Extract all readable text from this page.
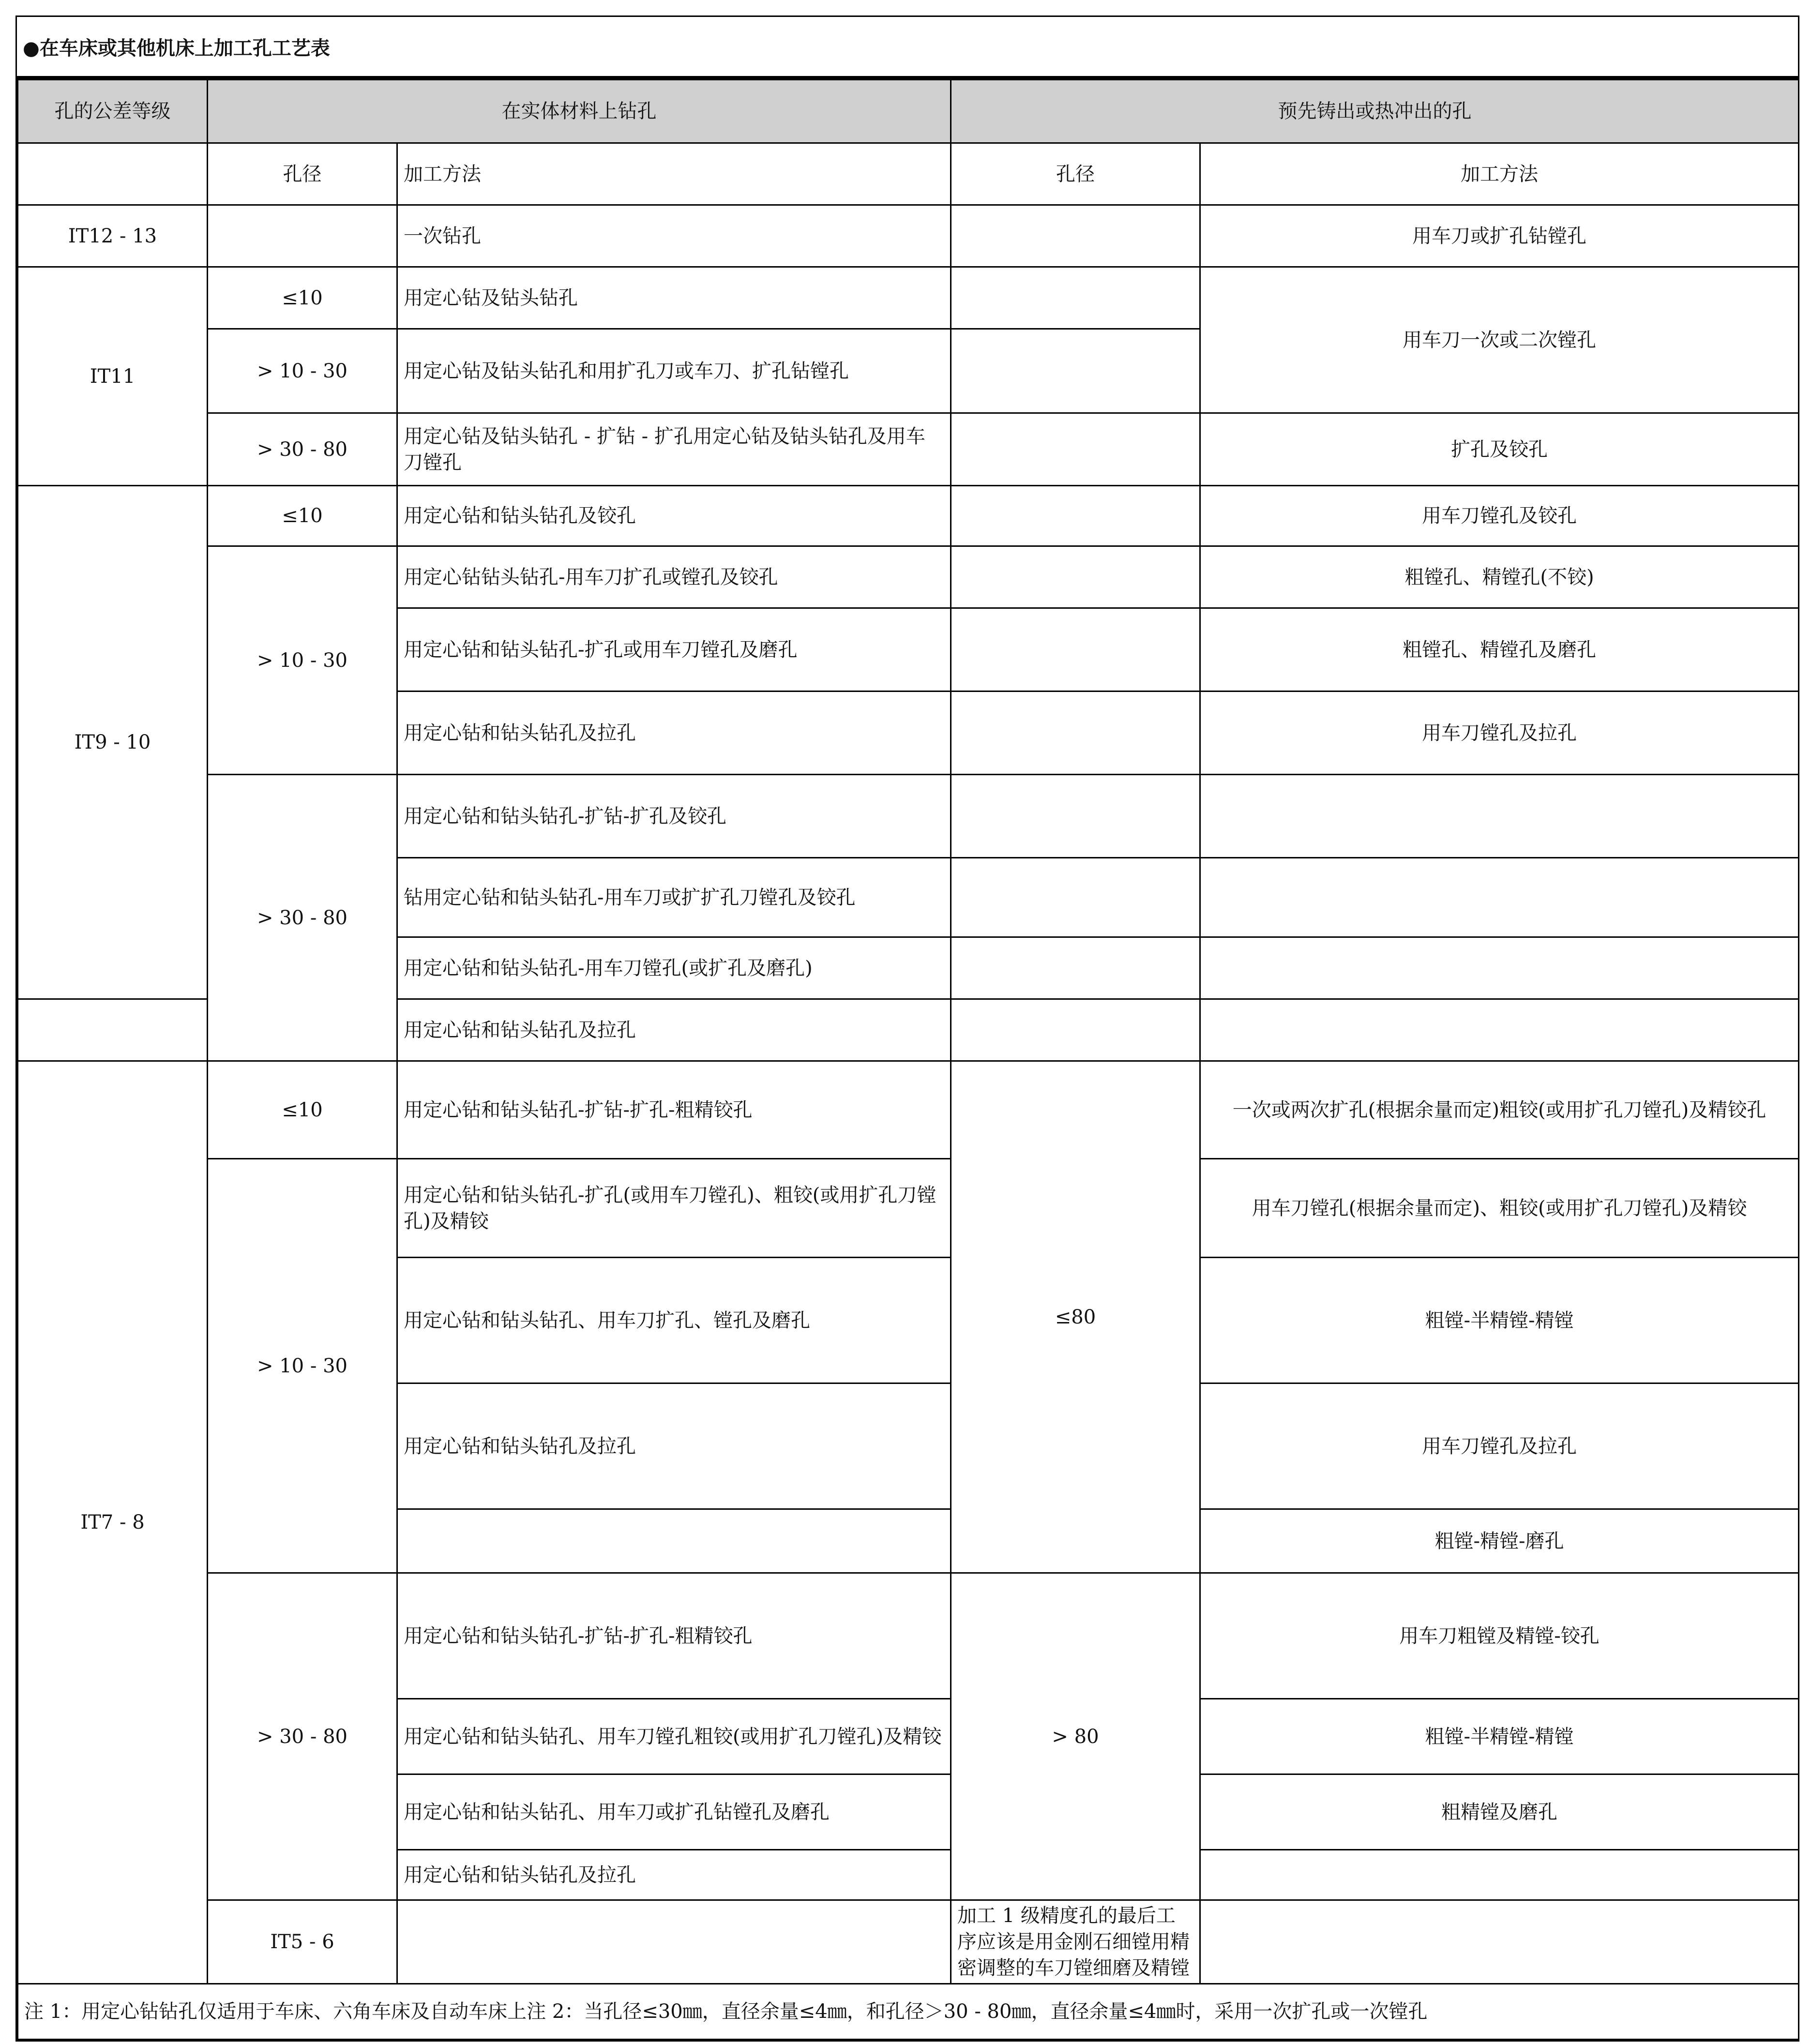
●在车床或其他机床上加工孔工艺表
孔的公差等级	在实体材料上钻孔		预先铸出或热冲出的孔		
	孔径	加工方法	孔径	加工方法	
IT12 - 13		一次钻孔		用车刀或扩孔钻镗孔	
IT11	≤10	用定心钻及钻头钻孔		用车刀一次或二次镗孔	
	> 10 - 30	用定心钻及钻头钻孔和用扩孔刀或车刀、扩孔钻镗孔			
	> 30 - 80	用定心钻及钻头钻孔 - 扩钻 - 扩孔用定心钻及钻头钻孔及用车刀镗孔		扩孔及铰孔	
IT9 - 10	≤10	用定心钻和钻头钻孔及铰孔		用车刀镗孔及铰孔	
	> 10 - 30	用定心钻钻头钻孔-用车刀扩孔或镗孔及铰孔		粗镗孔、精镗孔(不铰)	
		用定心钻和钻头钻孔-扩孔或用车刀镗孔及磨孔		粗镗孔、精镗孔及磨孔	
		用定心钻和钻头钻孔及拉孔		用车刀镗孔及拉孔	
	> 30 - 80	用定心钻和钻头钻孔-扩钻-扩孔及铰孔			
		钻用定心钻和钻头钻孔-用车刀或扩扩孔刀镗孔及铰孔			
		用定心钻和钻头钻孔-用车刀镗孔(或扩孔及磨孔)			
		用定心钻和钻头钻孔及拉孔			
IT7 - 8	≤10	用定心钻和钻头钻孔-扩钻-扩孔-粗精铰孔	≤80	一次或两次扩孔(根据余量而定)粗铰(或用扩孔刀镗孔)及精铰孔	
	> 10 - 30	用定心钻和钻头钻孔-扩孔(或用车刀镗孔)、粗铰(或用扩孔刀镗孔)及精铰		用车刀镗孔(根据余量而定)、粗铰(或用扩孔刀镗孔)及精铰	
		用定心钻和钻头钻孔、用车刀扩孔、镗孔及磨孔		粗镗-半精镗-精镗	
		用定心钻和钻头钻孔及拉孔		用车刀镗孔及拉孔	
				粗镗-精镗-磨孔	
	> 30 - 80	用定心钻和钻头钻孔-扩钻-扩孔-粗精铰孔	> 80	用车刀粗镗及精镗-铰孔	
		用定心钻和钻头钻孔、用车刀镗孔粗铰(或用扩孔刀镗孔)及精铰		粗镗-半精镗-精镗	
		用定心钻和钻头钻孔、用车刀或扩孔钻镗孔及磨孔		粗精镗及磨孔	
		用定心钻和钻头钻孔及拉孔			
	IT5 - 6		加工 1 级精度孔的最后工序应该是用金刚石细镗用精密调整的车刀镗细磨及精镗		
注 1：用定心钻钻孔仅适用于车床、六角车床及自动车床上注 2：当孔径≤30㎜，直径余量≤4㎜，和孔径＞30 - 80㎜，直径余量≤4㎜时，采用一次扩孔或一次镗孔					
